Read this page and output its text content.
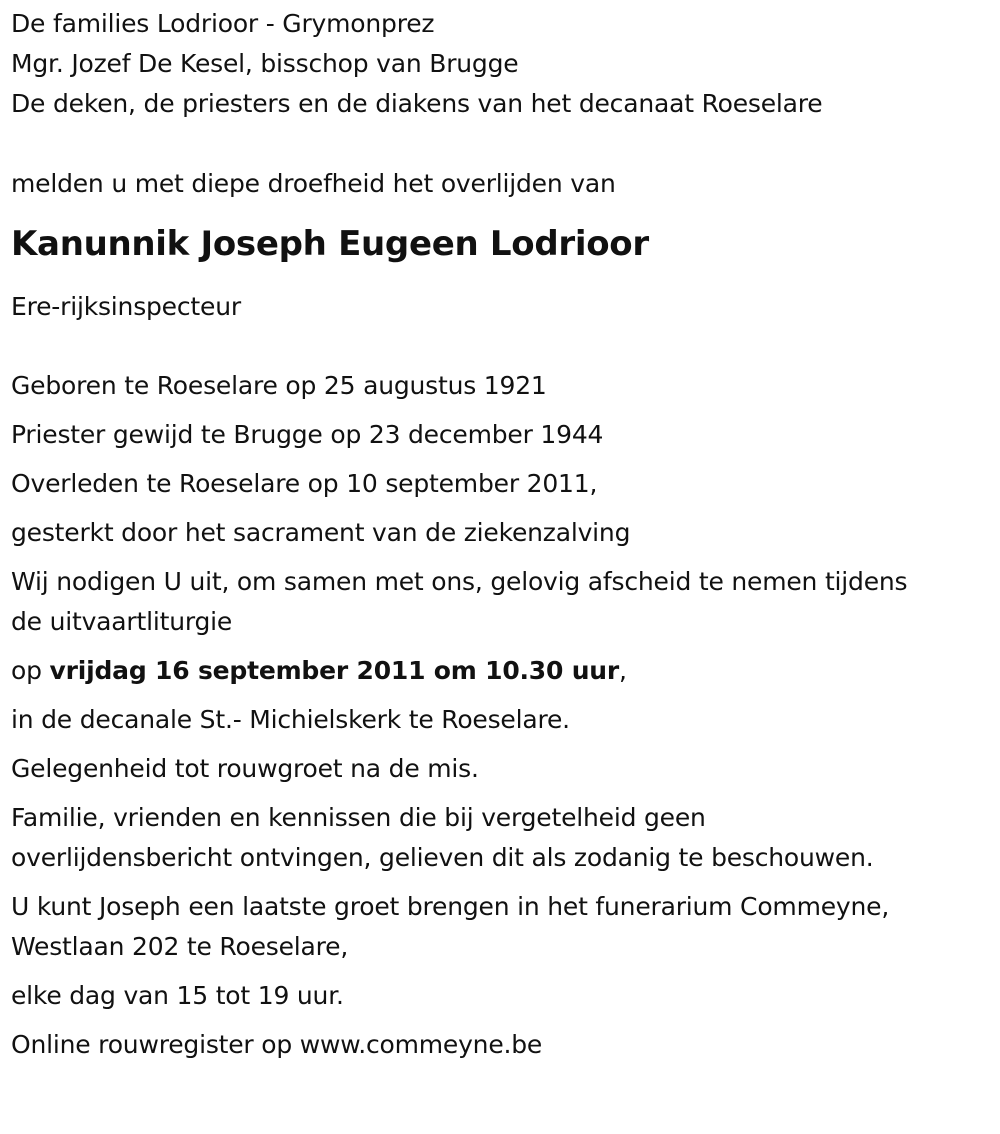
De families Lodrioor - Grymonprez
Mgr. Jozef De Kesel, bisschop van Brugge
De deken, de priesters en de diakens van het decanaat Roeselare
melden u met diepe droefheid het overlijden van
Kanunnik Joseph Eugeen Lodrioor
Ere-rijksinspecteur
Geboren te Roeselare op 25 augustus 1921
Priester gewijd te Brugge op 23 december 1944
Overleden te Roeselare op 10 september 2011,
gesterkt door het sacrament van de ziekenzalving
Wij nodigen U uit, om samen met ons, gelovig afscheid te nemen tijdens
de uitvaartliturgie
op vrijdag 16 september 2011 om 10.30 uur,
in de decanale St.- Michielskerk te Roeselare.
Gelegenheid tot rouwgroet na de mis.
Familie, vrienden en kennissen die bij vergetelheid geen
overlijdensbericht ontvingen, gelieven dit als zodanig te beschouwen.
U kunt Joseph een laatste groet brengen in het funerarium Commeyne,
Westlaan 202 te Roeselare,
elke dag van 15 tot 19 uur.
Online rouwregister op www.commeyne.be
